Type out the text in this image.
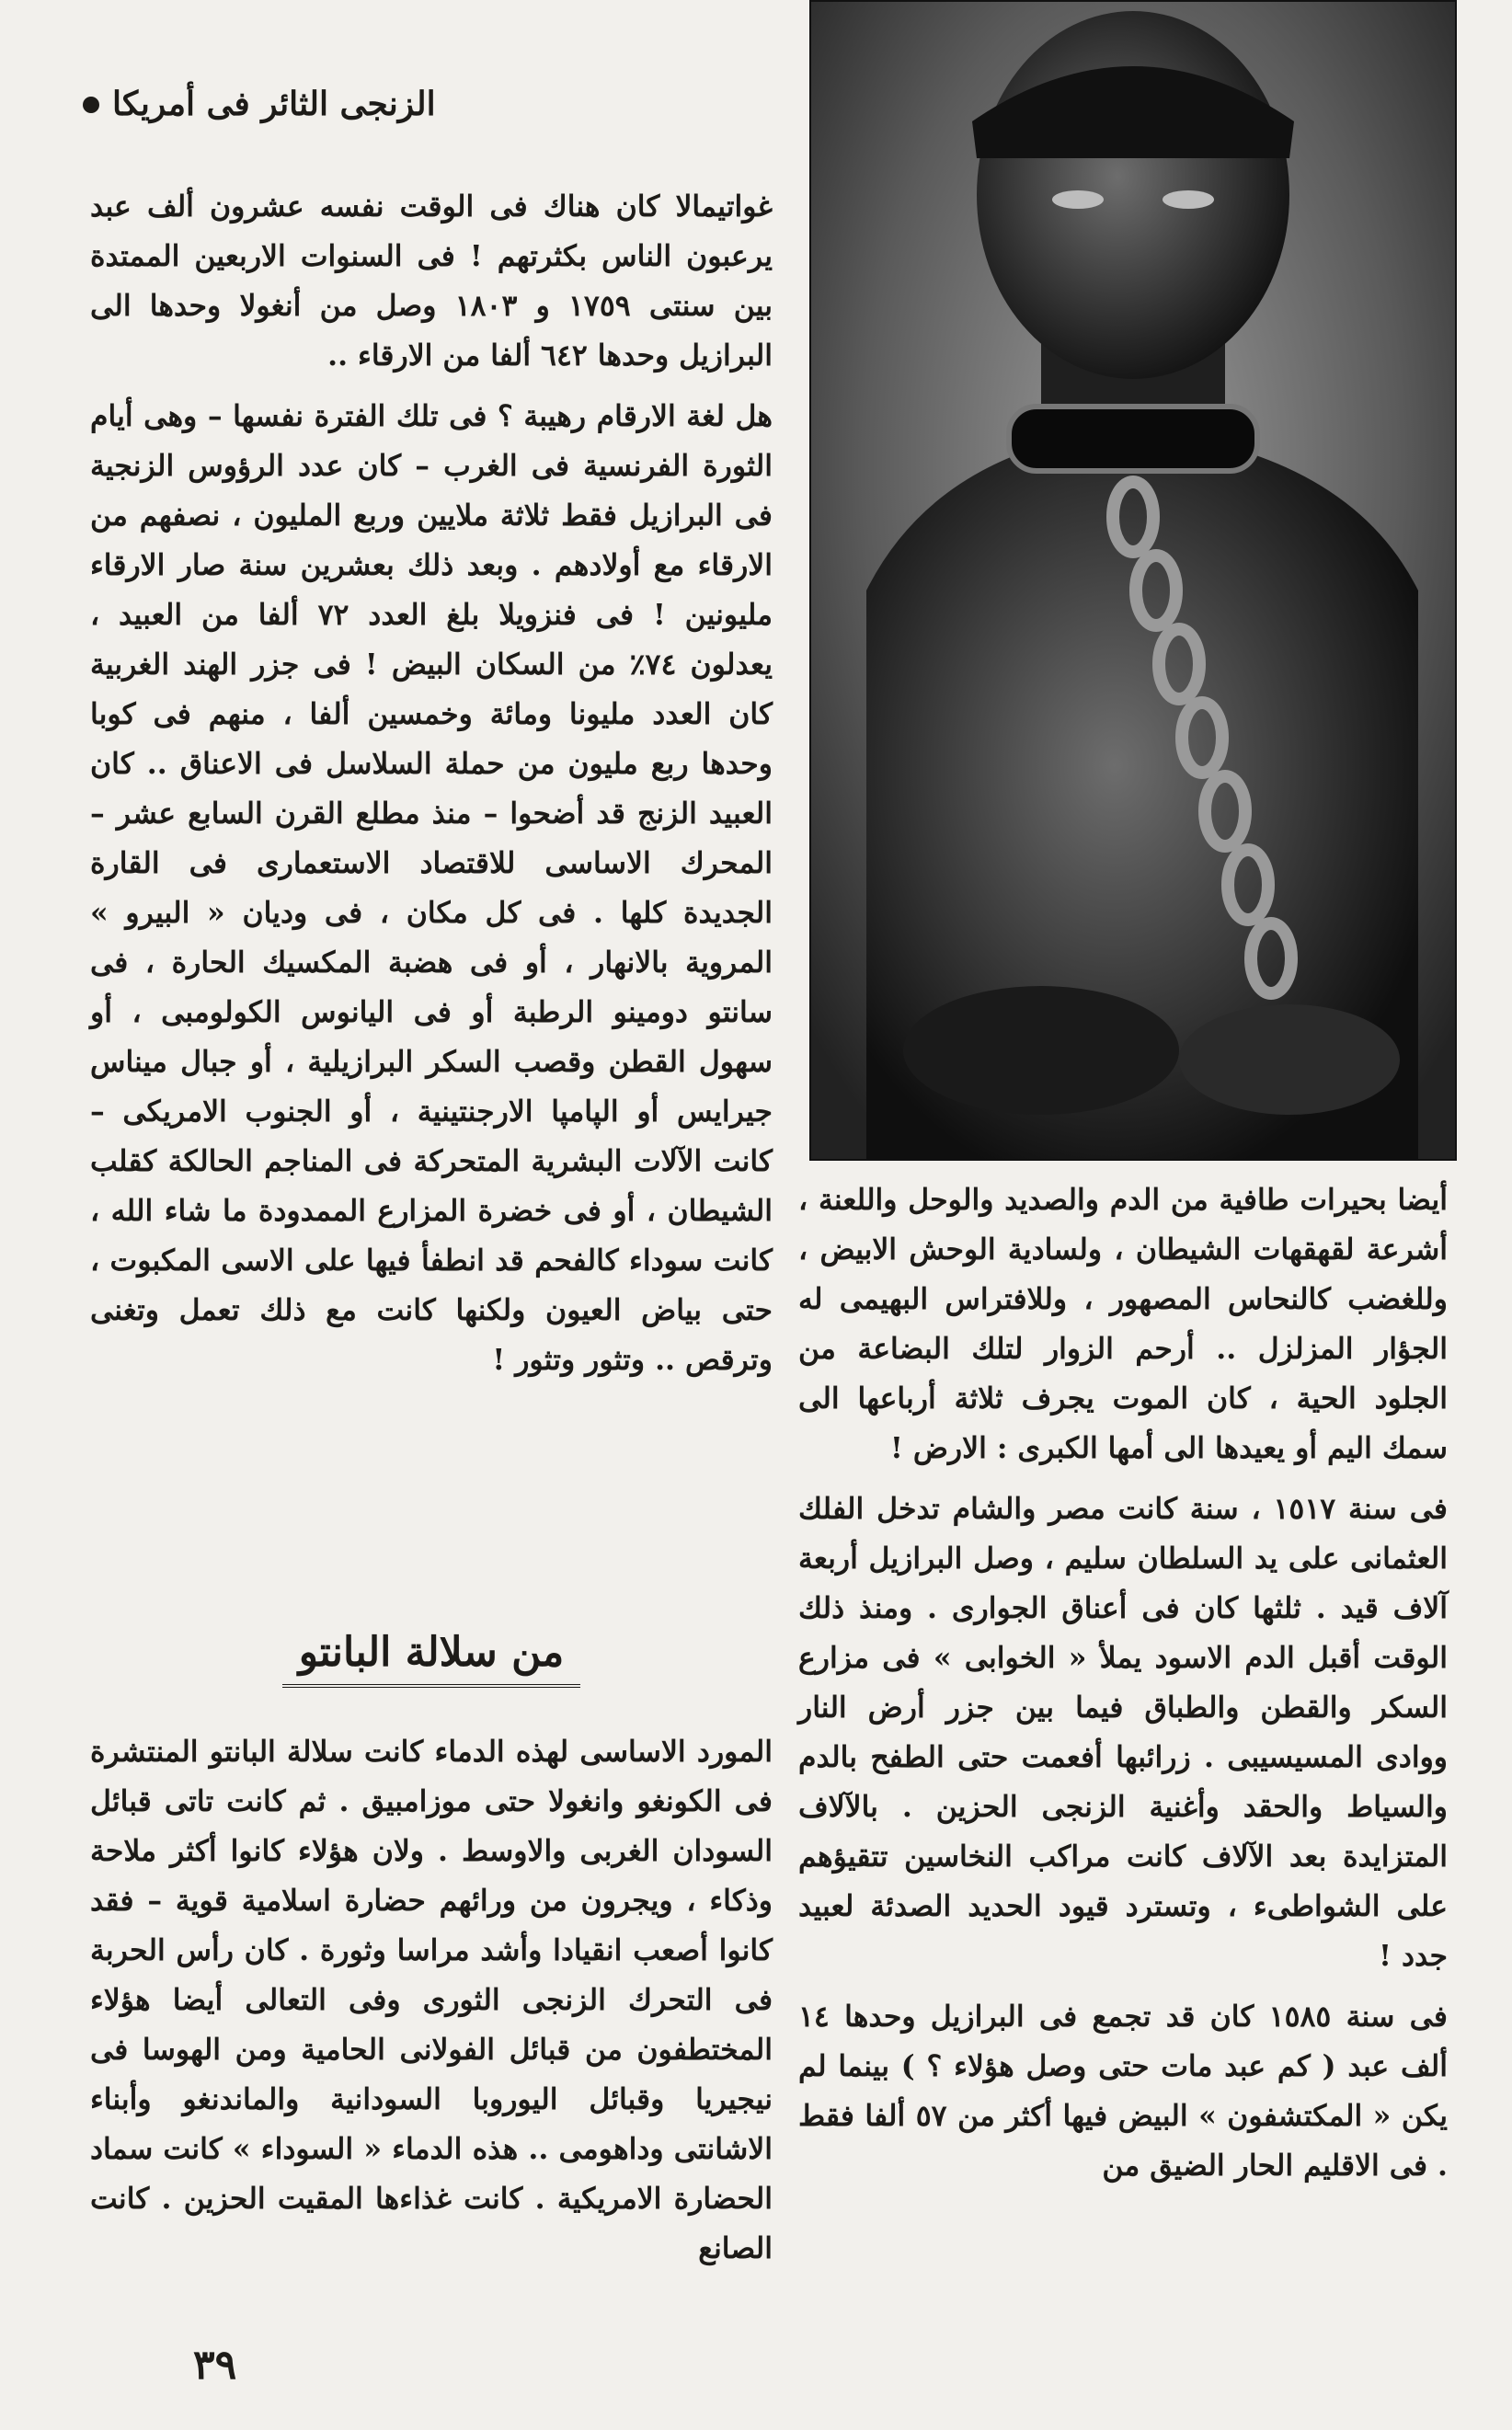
الزنجى الثائر فى أمريكا

غواتيمالا كان هناك فى الوقت نفسه عشرون ألف عبد يرعبون الناس بكثرتهم ! فى السنوات الاربعين الممتدة بين سنتى ١٧٥٩ و ١٨٠٣ وصل من أنغولا وحدها الى البرازيل وحدها ٦٤٢ ألفا من الارقاء ..

هل لغة الارقام رهيبة ؟ فى تلك الفترة نفسها – وهى أيام الثورة الفرنسية فى الغرب – كان عدد الرؤوس الزنجية فى البرازيل فقط ثلاثة ملايين وربع المليون ، نصفهم من الارقاء مع أولادهم . وبعد ذلك بعشرين سنة صار الارقاء مليونين ! فى فنزويلا بلغ العدد ٧٢ ألفا من العبيد ، يعدلون ٧٤٪ من السكان البيض ! فى جزر الهند الغربية كان العدد مليونا ومائة وخمسين ألفا ، منهم فى كوبا وحدها ربع مليون من حملة السلاسل فى الاعناق .. كان العبيد الزنج قد أضحوا – منذ مطلع القرن السابع عشر – المحرك الاساسى للاقتصاد الاستعمارى فى القارة الجديدة كلها . فى كل مكان ، فى وديان « البيرو » المروية بالانهار ، أو فى هضبة المكسيك الحارة ، فى سانتو دومينو الرطبة أو فى اليانوس الكولومبى ، أو سهول القطن وقصب السكر البرازيلية ، أو جبال ميناس جيرايس أو الپامپا الارجنتينية ، أو الجنوب الامريكى – كانت الآلات البشرية المتحركة فى المناجم الحالكة كقلب الشيطان ، أو فى خضرة المزارع الممدودة ما شاء الله ، كانت سوداء كالفحم قد انطفأ فيها على الاسى المكبوت ، حتى بياض العيون ولكنها كانت مع ذلك تعمل وتغنى وترقص .. وتثور وتثور !

من سلالة البانتو

المورد الاساسى لهذه الدماء كانت سلالة البانتو المنتشرة فى الكونغو وانغولا حتى موزامبيق . ثم كانت تاتى قبائل السودان الغربى والاوسط . ولان هؤلاء كانوا أكثر ملاحة وذكاء ، ويجرون من ورائهم حضارة اسلامية قوية – فقد كانوا أصعب انقيادا وأشد مراسا وثورة . كان رأس الحربة فى التحرك الزنجى الثورى وفى التعالى أيضا هؤلاء المختطفون من قبائل الفولانى الحامية ومن الهوسا فى نيجيريا وقبائل اليوروبا السودانية والماندنغو وأبناء الاشانتى وداهومى .. هذه الدماء « السوداء » كانت سماد الحضارة الامريكية . كانت غذاءها المقيت الحزين . كانت الصانع

أيضا بحيرات طافية من الدم والصديد والوحل واللعنة ، أشرعة لقهقهات الشيطان ، ولسادية الوحش الابيض ، وللغضب كالنحاس المصهور ، وللافتراس البهيمى له الجؤار المزلزل .. أرحم الزوار لتلك البضاعة من الجلود الحية ، كان الموت يجرف ثلاثة أرباعها الى سمك اليم أو يعيدها الى أمها الكبرى : الارض !

فى سنة ١٥١٧ ، سنة كانت مصر والشام تدخل الفلك العثمانى على يد السلطان سليم ، وصل البرازيل أربعة آلاف قيد . ثلثها كان فى أعناق الجوارى . ومنذ ذلك الوقت أقبل الدم الاسود يملأ « الخوابى » فى مزارع السكر والقطن والطباق فيما بين جزر أرض النار ووادى المسيسيبى . زرائبها أفعمت حتى الطفح بالدم والسياط والحقد وأغنية الزنجى الحزين . بالآلاف المتزايدة بعد الآلاف كانت مراكب النخاسين تتقيؤهم على الشواطىء ، وتسترد قيود الحديد الصدئة لعبيد جدد !

فى سنة ١٥٨٥ كان قد تجمع فى البرازيل وحدها ١٤ ألف عبد ( كم عبد مات حتى وصل هؤلاء ؟ ) بينما لم يكن « المكتشفون » البيض فيها أكثر من ٥٧ ألفا فقط . فى الاقليم الحار الضيق من

٣٩
